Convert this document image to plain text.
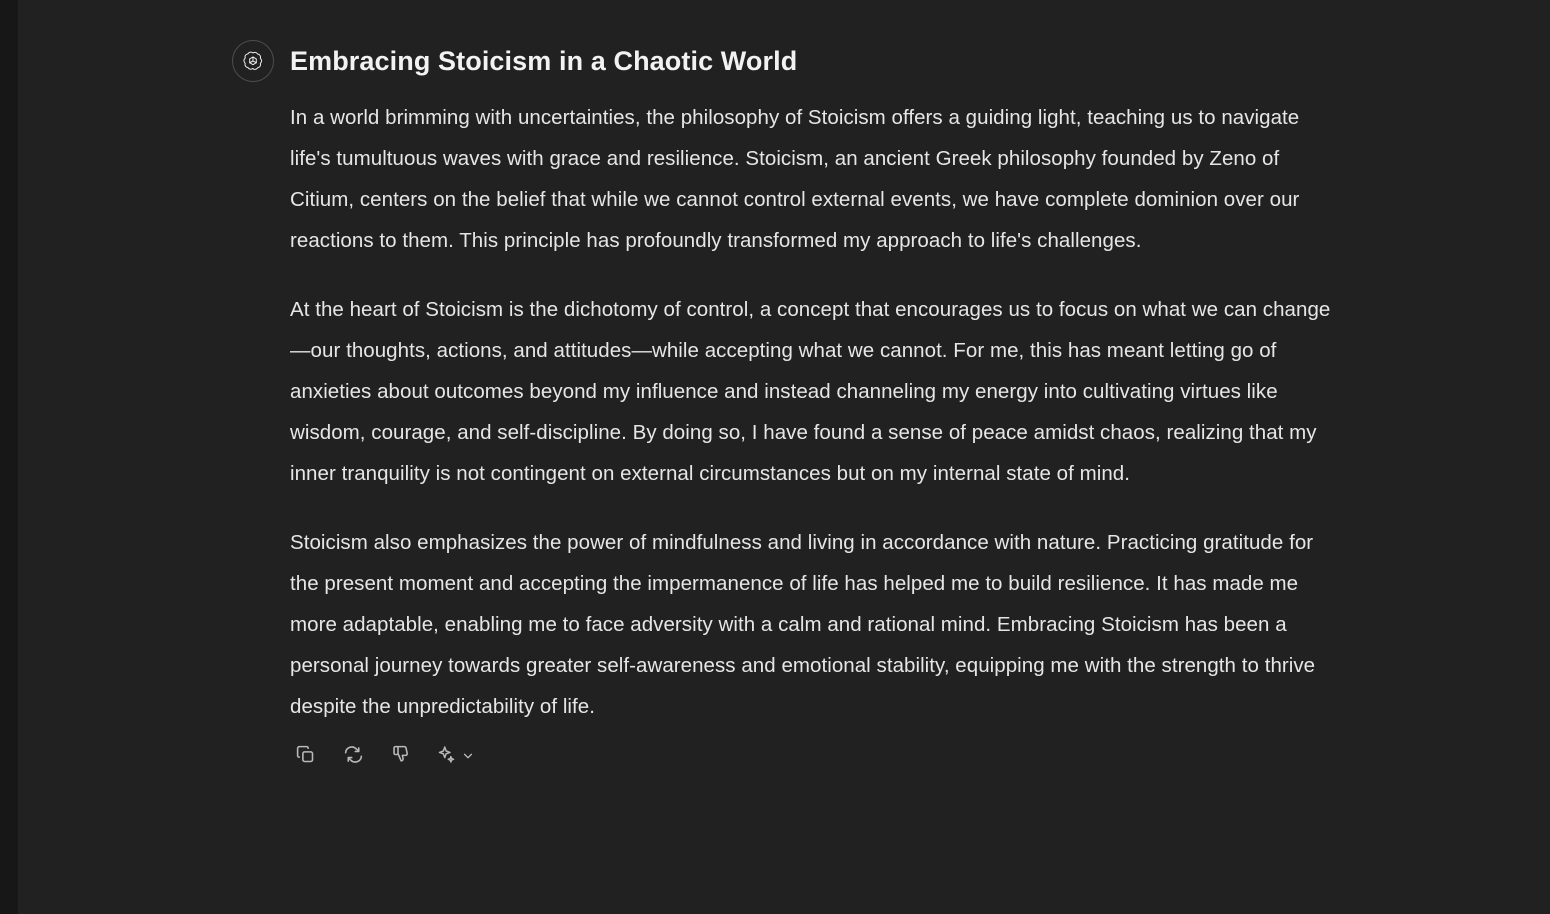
Embracing Stoicism in a Chaotic World

In a world brimming with uncertainties, the philosophy of Stoicism offers a guiding light, teaching us to navigate life's tumultuous waves with grace and resilience. Stoicism, an ancient Greek philosophy founded by Zeno of Citium, centers on the belief that while we cannot control external events, we have complete dominion over our reactions to them. This principle has profoundly transformed my approach to life's challenges.

At the heart of Stoicism is the dichotomy of control, a concept that encourages us to focus on what we can change—our thoughts, actions, and attitudes—while accepting what we cannot. For me, this has meant letting go of anxieties about outcomes beyond my influence and instead channeling my energy into cultivating virtues like wisdom, courage, and self-discipline. By doing so, I have found a sense of peace amidst chaos, realizing that my inner tranquility is not contingent on external circumstances but on my internal state of mind.

Stoicism also emphasizes the power of mindfulness and living in accordance with nature. Practicing gratitude for the present moment and accepting the impermanence of life has helped me to build resilience. It has made me more adaptable, enabling me to face adversity with a calm and rational mind. Embracing Stoicism has been a personal journey towards greater self-awareness and emotional stability, equipping me with the strength to thrive despite the unpredictability of life.
